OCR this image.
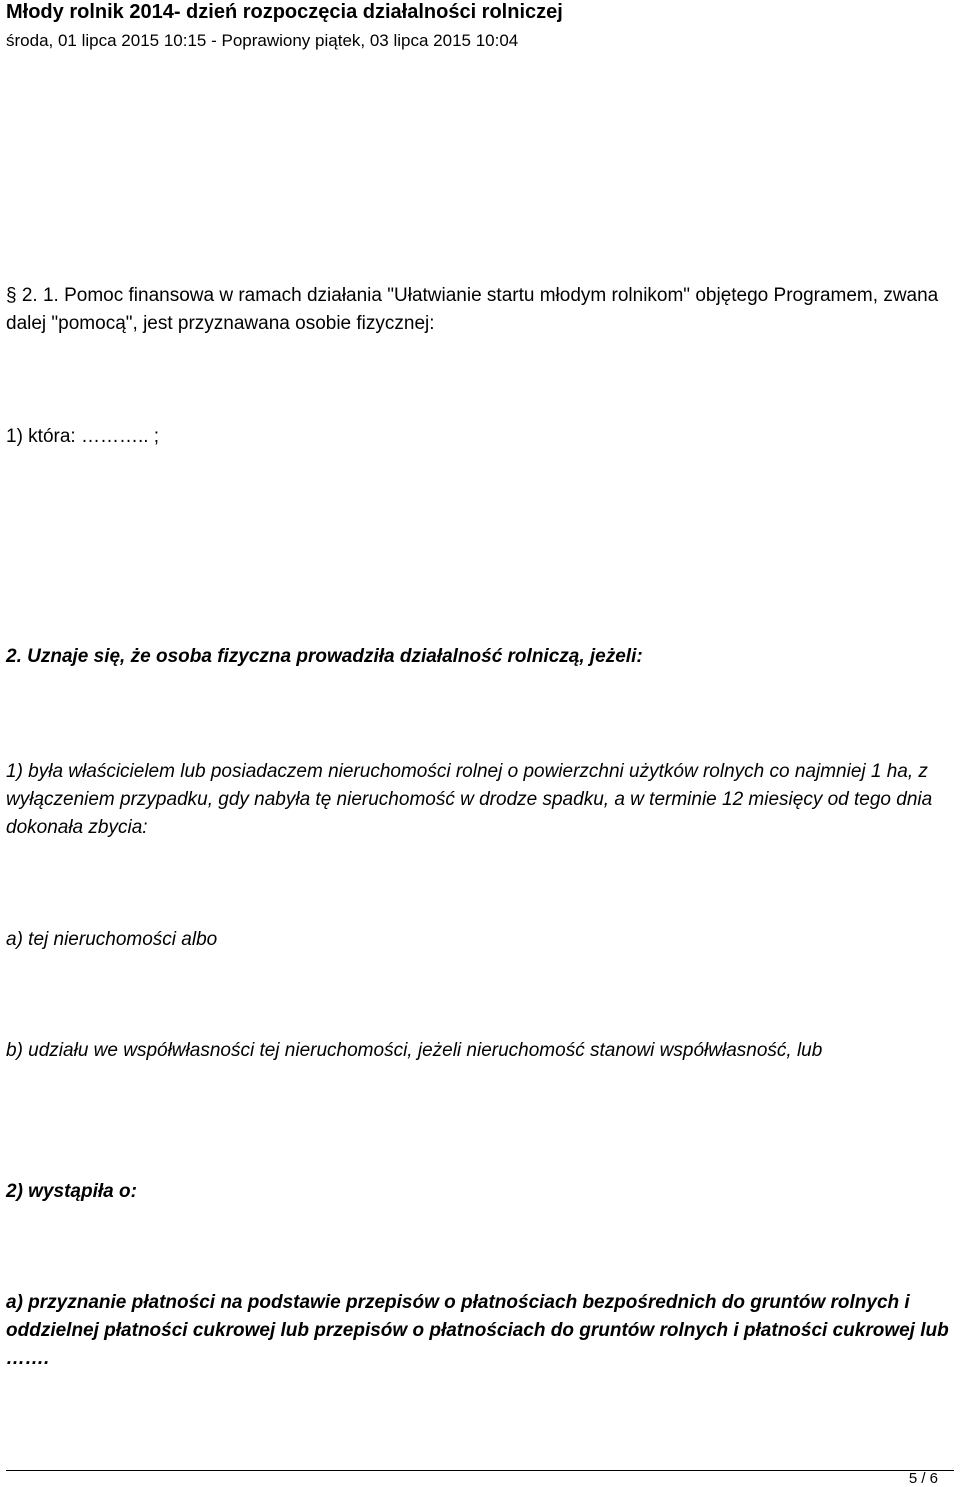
Młody rolnik 2014- dzień rozpoczęcia działalności rolniczej
środa, 01 lipca 2015 10:15 - Poprawiony piątek, 03 lipca 2015 10:04
§ 2. 1. Pomoc finansowa w ramach działania "Ułatwianie startu młodym rolnikom" objętego Programem, zwana dalej "pomocą", jest przyznawana osobie fizycznej:
1) która: ……….. ;
2. Uznaje się, że osoba fizyczna prowadziła działalność rolniczą, jeżeli:
1) była właścicielem lub posiadaczem nieruchomości rolnej o powierzchni użytków rolnych co najmniej 1 ha, z wyłączeniem przypadku, gdy nabyła tę nieruchomość w drodze spadku, a w terminie 12 miesięcy od tego dnia dokonała zbycia:
a) tej nieruchomości albo
b) udziału we współwłasności tej nieruchomości, jeżeli nieruchomość stanowi współwłasność, lub
2) wystąpiła o:
a) przyznanie płatności na podstawie przepisów o płatnościach bezpośrednich do gruntów rolnych i oddzielnej płatności cukrowej lub przepisów o płatnościach do gruntów rolnych i płatności cukrowej lub …….
5 / 6
